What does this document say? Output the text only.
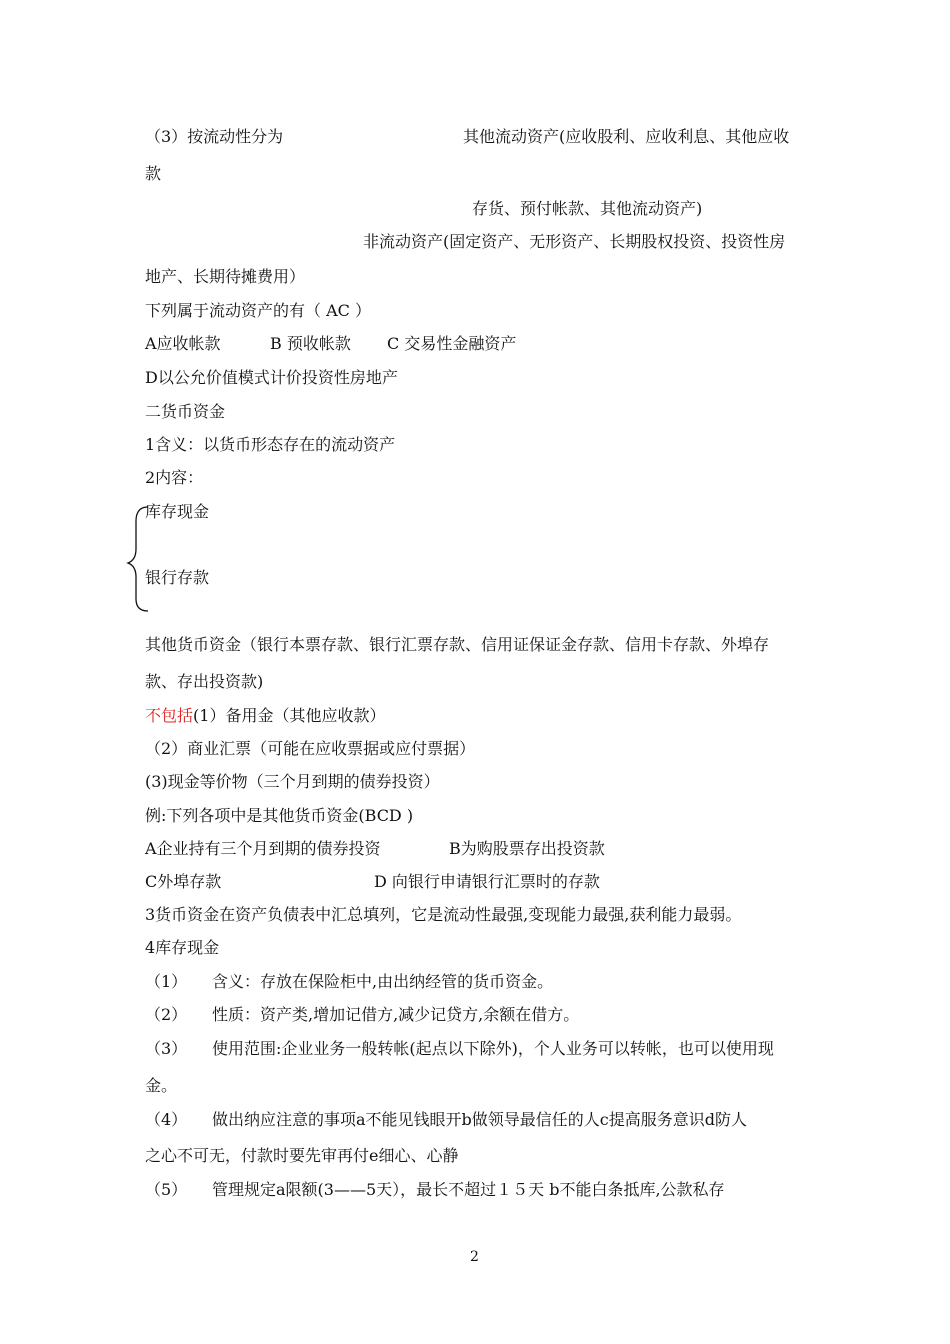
（3）按流动性分为	其他流动资产(应收股利、应收利息、其他应收
款
存货、预付帐款、其他流动资产)
非流动资产(固定资产、无形资产、长期股权投资、投资性房
地产、长期待摊费用）
下列属于流动资产的有（ AC ）
A应收帐款	B 预收帐款 C 交易性金融资产
D以公允价值模式计价投资性房地产
二货币资金
1含义：以货币形态存在的流动资产
2内容：
库存现金
银行存款
其他货币资金（银行本票存款、银行汇票存款、信用证保证金存款、信用卡存款、外埠存
款、存出投资款)
不包括(1）备用金（其他应收款）
（2）商业汇票（可能在应收票据或应付票据）
(3)现金等价物（三个月到期的债券投资）
例:下列各项中是其他货币资金(BCD )
A企业持有三个月到期的债券投资	B为购股票存出投资款
C外埠存款	D 向银行申请银行汇票时的存款
3货币资金在资产负债表中汇总填列，它是流动性最强,变现能力最强,获利能力最弱。
4库存现金
（1） 含义：存放在保险柜中,由出纳经管的货币资金。
（2） 性质：资产类,增加记借方,减少记贷方,余额在借方。
（3） 使用范围:企业业务一般转帐(起点以下除外)，个人业务可以转帐，也可以使用现
金。
（4） 做出纳应注意的事项a不能见钱眼开b做领导最信任的人c提高服务意识d防人
之心不可无，付款时要先审再付e细心、心静
（5） 管理规定a限额(3——5天），最长不超过１５天 b不能白条抵库,公款私存
2
